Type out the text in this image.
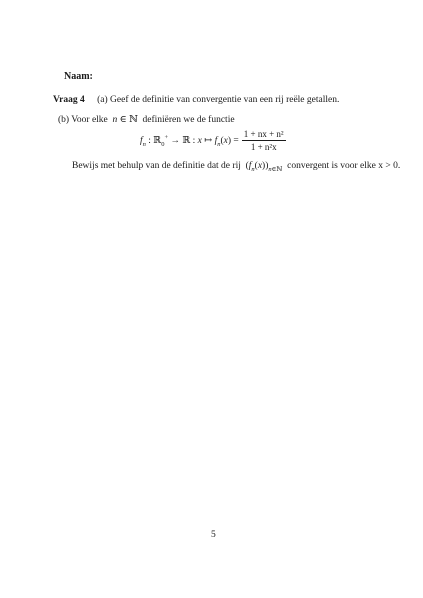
Naam:
Vraag 4 (a) Geef de definitie van convergentie van een rij reële getallen.
(b) Voor elke n ∈ ℕ  definiëren we de functie
$f_n$ : ℝ$_0$+ → ℝ : x ↦ $f_n(x) = \frac{\text{1 + nx + n²}}{\text{1 + n²x}}$
Bewijs met behulp van de definitie dat de rij  $(f_n(x))_{n\in ℕ}$ convergent is voor elke x > 0.
5
